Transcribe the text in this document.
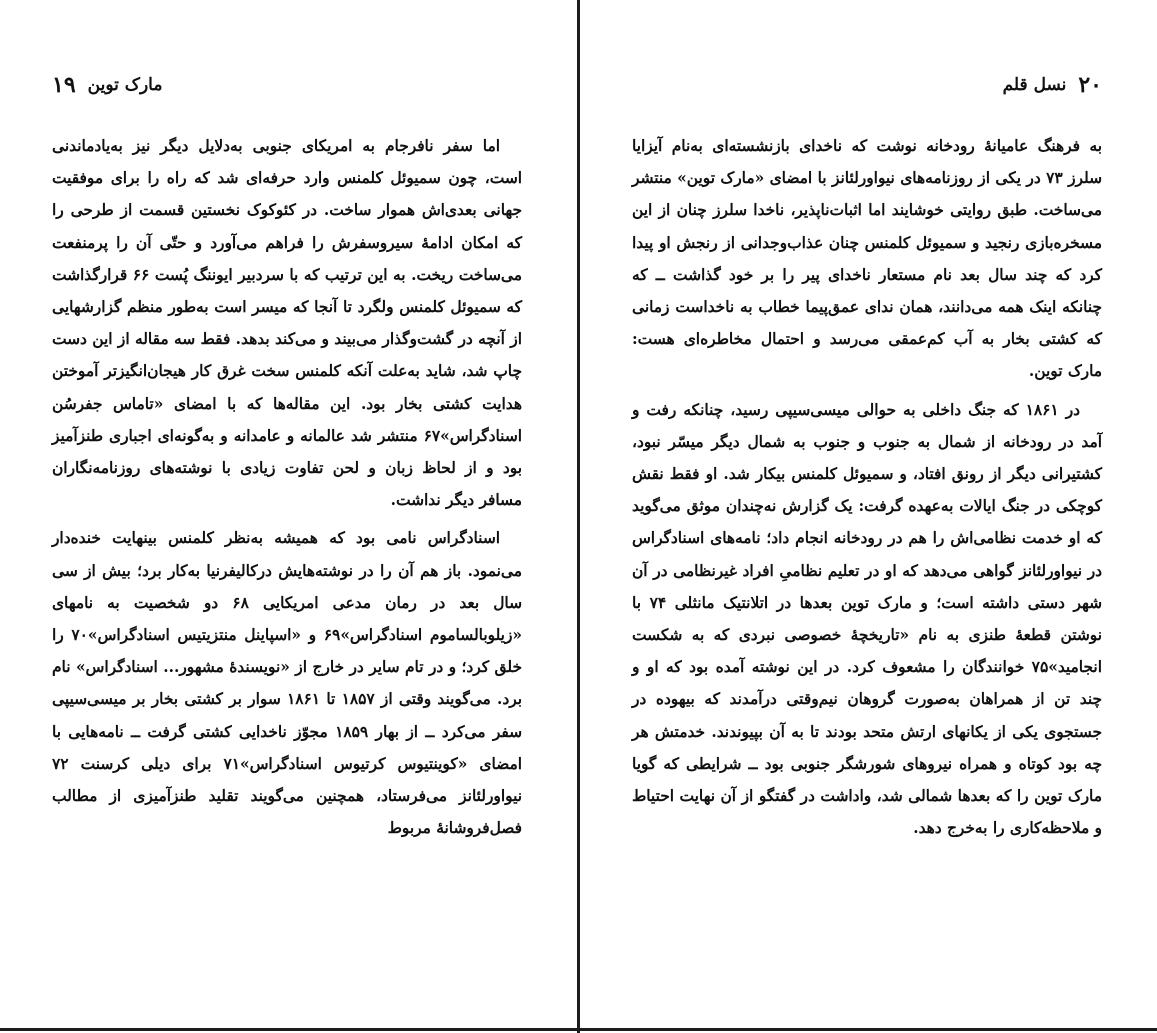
مارک توین
۱۹

اما سفر نافرجام به امریکای جنوبی به‌دلایل دیگر نیز به‌یادماندنی است، چون سمیوئل کلمنس وارد حرفه‌ای شد که راه را برای موفقیت جهانی بعدی‌اش هموار ساخت. در کئوکوک نخستین قسمت از طرحی را که امکان ادامهٔ سیروسفرش را فراهم می‌آورد و حتّی آن را پرمنفعت می‌ساخت ریخت. به این ترتیب که با سردبیر ایوننگ پُست ۶۶ قرارگذاشت که سمیوئل کلمنس ولگرد تا آنجا که میسر است به‌طور منظم گزارشهایی از آنچه در گشت‌وگذار می‌بیند و می‌کند بدهد. فقط سه مقاله از این دست چاپ شد، شاید به‌علت آنکه کلمنس سخت غرق کار هیجان‌انگیزتر آموختن هدایت کشتی بخار بود. این مقاله‌ها که با امضای «تاماس جفرسُن اسنادگراس»۶۷ منتشر شد عالمانه و عامدانه و به‌گونه‌ای اجباری طنزآمیز بود و از لحاظ زبان و لحن تفاوت زیادی با نوشته‌های روزنامه‌نگاران مسافر دیگر نداشت.

اسنادگراس نامی بود که همیشه به‌نظر کلمنس بینهایت خنده‌دار می‌نمود. باز هم آن را در نوشته‌هایش درکالیفرنیا به‌کار برد؛ بیش از سی سال بعد در رمان مدعی امریکایی ۶۸ دو شخصیت به نامهای «زیلوبالساموم اسنادگراس»۶۹ و «اسپاینل منتزیتیس اسنادگراس»۷۰ را خلق کرد؛ و در تام سایر در خارج از «نویسندهٔ مشهور... اسنادگراس» نام برد. می‌گویند وقتی از ۱۸۵۷ تا ۱۸۶۱ سوار بر کشتی بخار بر میسی‌سیپی سفر می‌کرد ــ از بهار ۱۸۵۹ مجوّز ناخدایی کشتی گرفت ــ نامه‌هایی با امضای «کوینتیوس کرتیوس اسنادگراس»۷۱ برای دیلی کرسنت ۷۲ نیواورلئانز می‌فرستاد، همچنین می‌گویند تقلید طنزآمیزی از مطالب فصل‌فروشانهٔ مربوط

۲۰
نسل قلم

به فرهنگ عامیانهٔ رودخانه نوشت که ناخدای بازنشسته‌ای به‌نام آیزایا سلرز ۷۳ در یکی از روزنامه‌های نیواورلئانز با امضای «مارک توین» منتشر می‌ساخت. طبق روایتی خوشایند اما اثبات‌ناپذیر، ناخدا سلرز چنان از این مسخره‌بازی رنجید و سمیوئل کلمنس چنان عذاب‌وجدانی از رنجش او پیدا کرد که چند سال بعد نام مستعار ناخدای پیر را بر خود گذاشت ــ که چنانکه اینک همه می‌دانند، همان ندای عمق‌پیما خطاب به ناخداست زمانی که کشتی بخار به آب کم‌عمقی می‌رسد و احتمال مخاطره‌ای هست: مارک توین.

در ۱۸۶۱ که جنگ داخلی به حوالی میسی‌سیپی رسید، چنانکه رفت و آمد در رودخانه از شمال به جنوب و جنوب به شمال دیگر میسّر نبود، کشتیرانی دیگر از رونق افتاد، و سمیوئل کلمنس بیکار شد. او فقط نقش کوچکی در جنگ ایالات به‌عهده گرفت: یک گزارش نه‌چندان موثق می‌گوید که او خدمت نظامی‌اش را هم در رودخانه انجام داد؛ نامه‌های اسنادگراس در نیواورلئانز گواهی می‌دهد که او در تعلیم نظامیِ افراد غیرنظامی در آن شهر دستی داشته است؛ و مارک توین بعدها در اتلانتیک مانثلی ۷۴ با نوشتن قطعهٔ طنزی به نام «تاریخچهٔ خصوصی نبردی که به شکست انجامید»۷۵ خوانندگان را مشعوف کرد. در این نوشته آمده بود که او و چند تن از همراهان به‌صورت گروهان نیم‌وقتی درآمدند که بیهوده در جستجوی یکی از یکانهای ارتش متحد بودند تا به آن بپیوندند. خدمتش هر چه بود کوتاه و همراه نیروهای شورشگر جنوبی بود ــ شرایطی که گویا مارک توین را که بعدها شمالی شد، واداشت در گفتگو از آن نهایت احتیاط و ملاحظه‌کاری را به‌خرج دهد.
